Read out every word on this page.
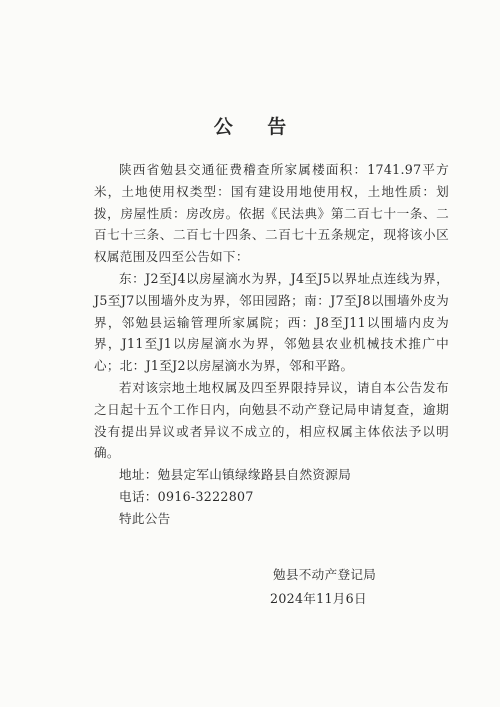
公 告

陕西省勉县交通征费稽查所家属楼面积：1741.97平方米，土地使用权类型：国有建设用地使用权，土地性质：划拨，房屋性质：房改房。依据《民法典》第二百七十一条、二百七十三条、二百七十四条、二百七十五条规定，现将该小区权属范围及四至公告如下：

东：J2至J4以房屋滴水为界，J4至J5以界址点连线为界，J5至J7以围墙外皮为界，邻田园路；南：J7至J8以围墙外皮为界，邻勉县运输管理所家属院；西：J8至J11以围墙内皮为界，J11至J1以房屋滴水为界，邻勉县农业机械技术推广中心；北：J1至J2以房屋滴水为界，邻和平路。

若对该宗地土地权属及四至界限持异议，请自本公告发布之日起十五个工作日内，向勉县不动产登记局申请复查，逾期没有提出异议或者异议不成立的，相应权属主体依法予以明确。

地址：勉县定军山镇绿缘路县自然资源局

电话：0916-3222807

特此公告

勉县不动产登记局
2024年11月6日
